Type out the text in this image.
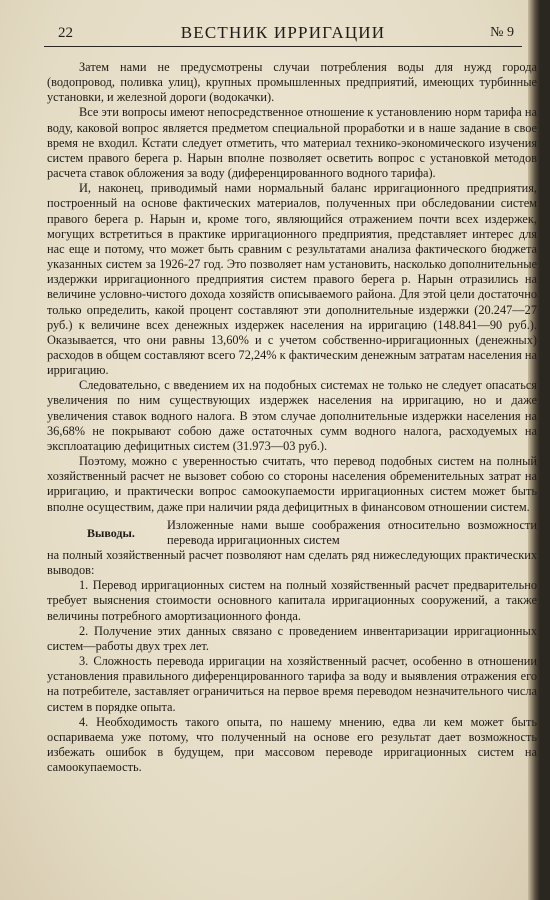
22	ВЕСТНИК ИРРИГАЦИИ	№ 9

Затем нами не предусмотрены случаи потребления воды для нужд города (водопровод, поливка улиц), крупных промышленных предприятий, имеющих турбинные установки, и железной дороги (водокачки).

Все эти вопросы имеют непосредственное отношение к установлению норм тарифа на воду, каковой вопрос является предметом специальной проработки и в наше задание в свое время не входил. Кстати следует отметить, что материал технико-экономического изучения систем правого берега р. Нарын вполне позволяет осветить вопрос с установкой методов расчета ставок обложения за воду (диференцированного водного тарифа).

И, наконец, приводимый нами нормальный баланс ирригационного предприятия, построенный на основе фактических материалов, полученных при обследовании систем правого берега р. Нарын и, кроме того, являющийся отражением почти всех издержек, могущих встретиться в практике ирригационного предприятия, представляет интерес для нас еще и потому, что может быть сравним с результатами анализа фактического бюджета указанных систем за 1926-27 год. Это позволяет нам установить, насколько дополнительные издержки ирригационного предприятия систем правого берега р. Нарын отразились на величине условно-чистого дохода хозяйств описываемого района. Для этой цели достаточно только определить, какой процент составляют эти дополнительные издержки (20.247—27 руб.) к величине всех денежных издержек населения на ирригацию (148.841—90 руб.). Оказывается, что они равны 13,60% и с учетом собственно-ирригационных (денежных) расходов в общем составляют всего 72,24% к фактическим денежным затратам населения на ирригацию.

Следовательно, с введением их на подобных системах не только не следует опасаться увеличения по ним существующих издержек населения на ирригацию, но и даже увеличения ставок водного налога. В этом случае дополнительные издержки населения на 36,68% не покрывают собою даже остаточных сумм водного налога, расходуемых на эксплоатацию дефицитных систем (31.973—03 руб.).

Поэтому, можно с уверенностью считать, что перевод подобных систем на полный хозяйственный расчет не вызовет собою со стороны населения обременительных затрат на ирригацию, и практически вопрос самоокупаемости ирригационных систем может быть вполне осуществим, даже при наличии ряда дефицитных в финансовом отношении систем.

Выводы.
Изложенные нами выше соображения относительно возможности перевода ирригационных систем

на полный хозяйственный расчет позволяют нам сделать ряд нижеследующих практических выводов:

1. Перевод ирригационных систем на полный хозяйственный расчет предварительно требует выяснения стоимости основного капитала ирригационных сооружений, а также величины потребного амортизационного фонда.

2. Получение этих данных связано с проведением инвентаризации ирригационных систем—работы двух трех лет.

3. Сложность перевода ирригации на хозяйственный расчет, особенно в отношении установления правильного диференцированного тарифа за воду и выявления отражения его на потребителе, заставляет ограничиться на первое время переводом незначительного числа систем в порядке опыта.

4. Необходимость такого опыта, по нашему мнению, едва ли кем может быть оспариваема уже потому, что полученный на основе его результат дает возможность избежать ошибок в будущем, при массовом переводе ирригационных систем на самоокупаемость.
